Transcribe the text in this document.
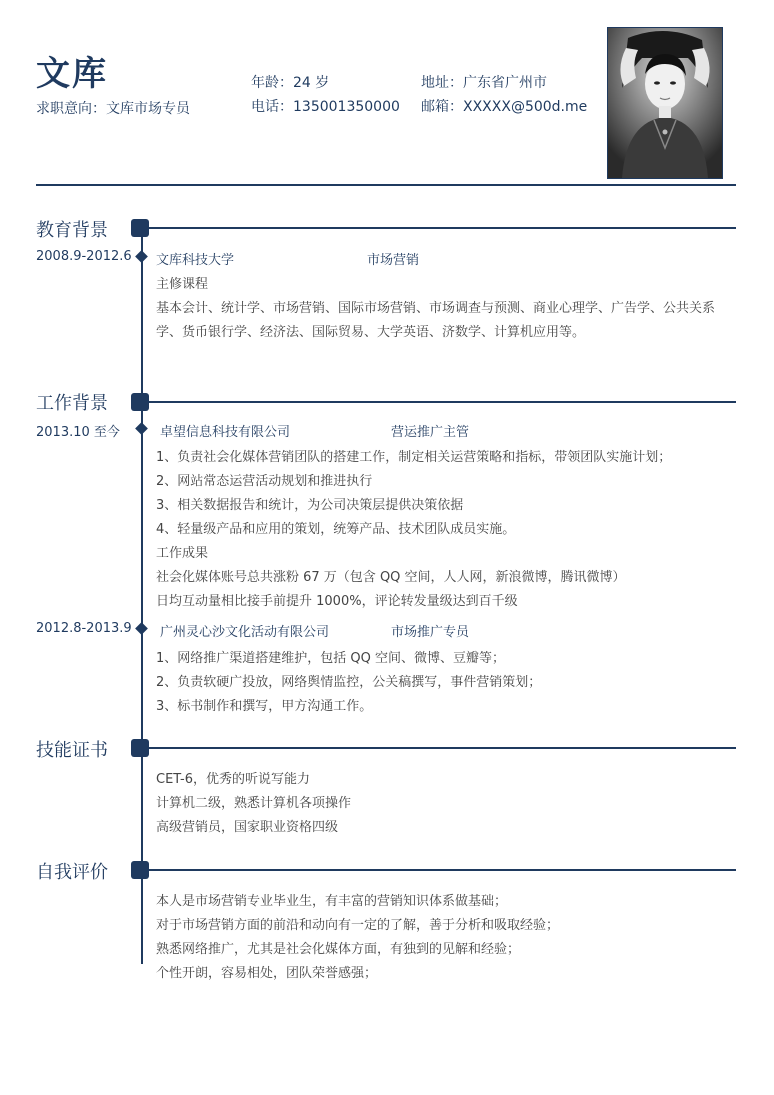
文库
求职意向：文库市场专员
年龄：24 岁
电话：135001350000
地址：广东省广州市
邮箱：XXXXX@500d.me
教育背景
2008.9-2012.6 文库科技大学	市场营销
主修课程
基本会计、统计学、市场营销、国际市场营销、市场调查与预测、商业心理学、广告学、公共关系学、货币银行学、经济法、国际贸易、大学英语、济数学、计算机应用等。
工作背景
2013.10 至今	卓望信息科技有限公司	营运推广主管
1、负责社会化媒体营销团队的搭建工作，制定相关运营策略和指标，带领团队实施计划；
2、网站常态运营活动规划和推进执行
3、相关数据报告和统计，为公司决策层提供决策依据
4、轻量级产品和应用的策划，统筹产品、技术团队成员实施。
工作成果
社会化媒体账号总共涨粉 67 万（包含 QQ 空间，人人网，新浪微博，腾讯微博）
日均互动量相比接手前提升 1000%，评论转发量级达到百千级
2012.8-2013.9 广州灵心沙文化活动有限公司	市场推广专员
1、网络推广渠道搭建维护，包括 QQ 空间、微博、豆瓣等；
2、负责软硬广投放，网络舆情监控，公关稿撰写，事件营销策划；
3、标书制作和撰写，甲方沟通工作。
技能证书
CET-6，优秀的听说写能力
计算机二级，熟悉计算机各项操作
高级营销员，国家职业资格四级
自我评价
本人是市场营销专业毕业生，有丰富的营销知识体系做基础；
对于市场营销方面的前沿和动向有一定的了解，善于分析和吸取经验；
熟悉网络推广，尤其是社会化媒体方面，有独到的见解和经验；
个性开朗，容易相处，团队荣誉感强；
